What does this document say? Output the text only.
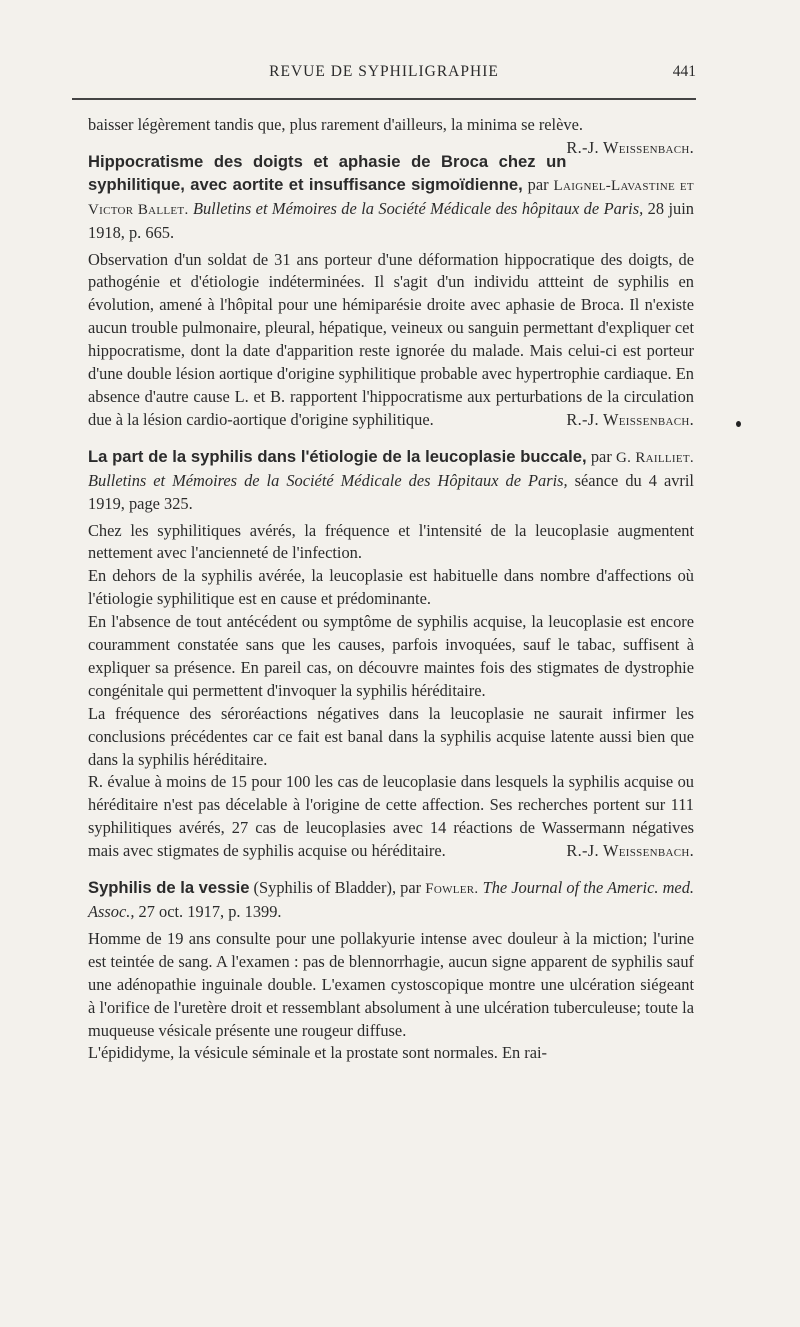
REVUE DE SYPHILIGRAPHIE	441

baisser légèrement tandis que, plus rarement d'ailleurs, la minima se relève.
R.-J. Weissenbach.

Hippocratisme des doigts et aphasie de Broca chez un syphilitique, avec aortite et insuffisance sigmoïdienne, par Laignel-Lavastine et Victor Ballet. Bulletins et Mémoires de la Société Médicale des hôpitaux de Paris, 28 juin 1918, p. 665.

Observation d'un soldat de 31 ans porteur d'une déformation hippocratique des doigts, de pathogénie et d'étiologie indéterminées. Il s'agit d'un individu attteint de syphilis en évolution, amené à l'hôpital pour une hémiparésie droite avec aphasie de Broca. Il n'existe aucun trouble pulmonaire, pleural, hépatique, veineux ou sanguin permettant d'expliquer cet hippocratisme, dont la date d'apparition reste ignorée du malade. Mais celui-ci est porteur d'une double lésion aortique d'origine syphilitique probable avec hypertrophie cardiaque. En absence d'autre cause L. et B. rapportent l'hippocratisme aux perturbations de la circulation due à la lésion cardio-aortique d'origine syphilitique.	R.-J. Weissenbach.

La part de la syphilis dans l'étiologie de la leucoplasie buccale, par G. Railliet. Bulletins et Mémoires de la Société Médicale des Hôpitaux de Paris, séance du 4 avril 1919, page 325.

Chez les syphilitiques avérés, la fréquence et l'intensité de la leucoplasie augmentent nettement avec l'ancienneté de l'infection.

En dehors de la syphilis avérée, la leucoplasie est habituelle dans nombre d'affections où l'étiologie syphilitique est en cause et prédominante.

En l'absence de tout antécédent ou symptôme de syphilis acquise, la leucoplasie est encore couramment constatée sans que les causes, parfois invoquées, sauf le tabac, suffisent à expliquer sa présence. En pareil cas, on découvre maintes fois des stigmates de dystrophie congénitale qui permettent d'invoquer la syphilis héréditaire.

La fréquence des séroréactions négatives dans la leucoplasie ne saurait infirmer les conclusions précédentes car ce fait est banal dans la syphilis acquise latente aussi bien que dans la syphilis héréditaire.

R. évalue à moins de 15 pour 100 les cas de leucoplasie dans lesquels la syphilis acquise ou héréditaire n'est pas décelable à l'origine de cette affection. Ses recherches portent sur 111 syphilitiques avérés, 27 cas de leucoplasies avec 14 réactions de Wassermann négatives mais avec stigmates de syphilis acquise ou héréditaire.	R.-J. Weissenbach.

Syphilis de la vessie (Syphilis of Bladder), par Fowler. The Journal of the Americ. med. Assoc., 27 oct. 1917, p. 1399.

Homme de 19 ans consulte pour une pollakyurie intense avec douleur à la miction; l'urine est teintée de sang. A l'examen : pas de blennorrhagie, aucun signe apparent de syphilis sauf une adénopathie inguinale double. L'examen cystoscopique montre une ulcération siégeant à l'orifice de l'uretère droit et ressemblant absolument à une ulcération tuberculeuse; toute la muqueuse vésicale présente une rougeur diffuse.

L'épididyme, la vésicule séminale et la prostate sont normales. En rai-
